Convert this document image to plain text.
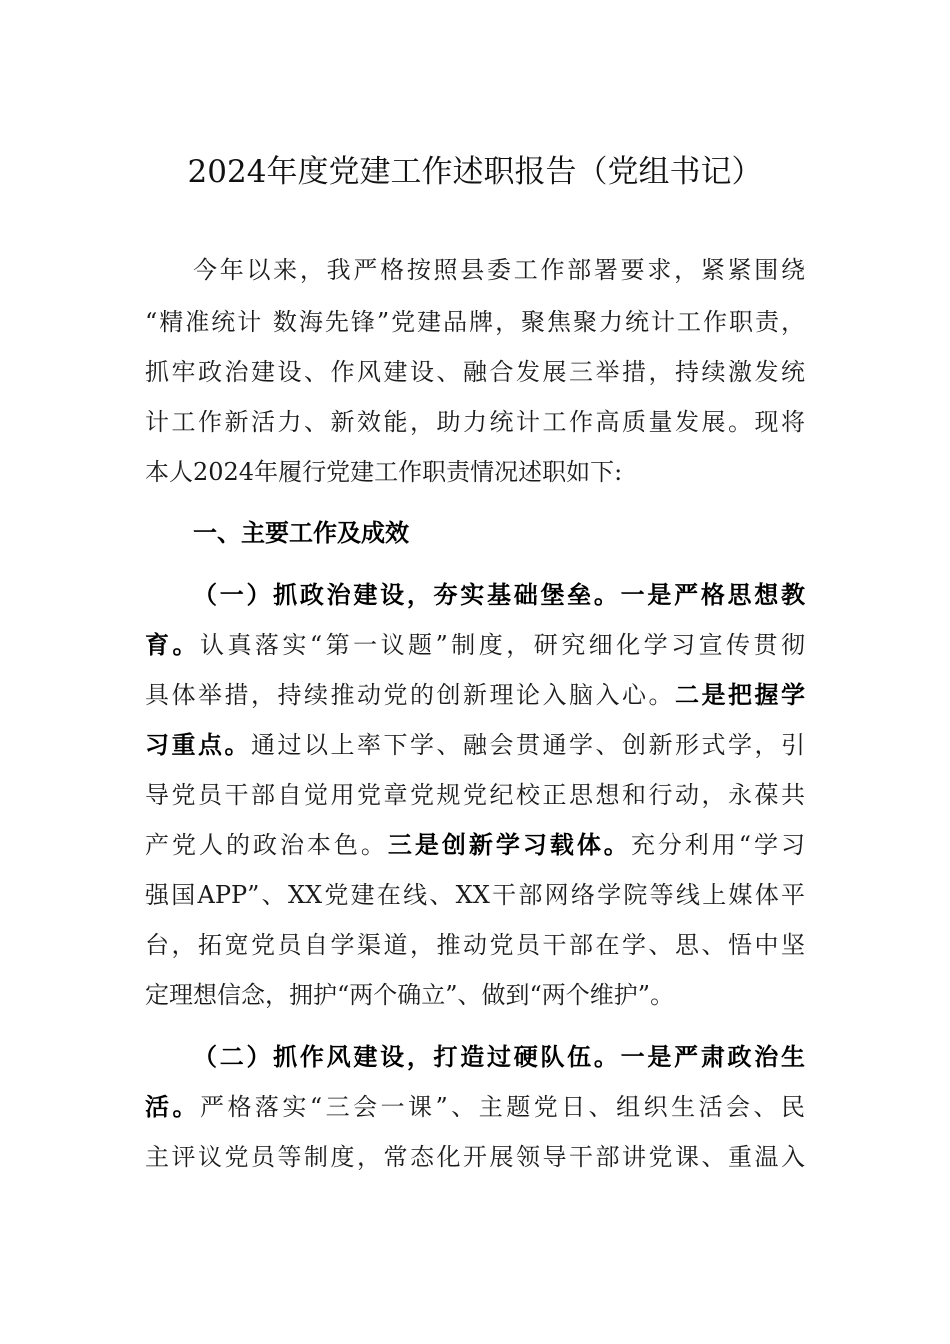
2024年度党建工作述职报告（党组书记）
今年以来，我严格按照县委工作部署要求，紧紧围绕
“精准统计 数海先锋”党建品牌，聚焦聚力统计工作职责，
抓牢政治建设、作风建设、融合发展三举措，持续激发统
计工作新活力、新效能，助力统计工作高质量发展。现将
本人2024年履行党建工作职责情况述职如下:
一、主要工作及成效
（一）抓政治建设，夯实基础堡垒。一是严格思想教
育。认真落实“第一议题”制度，研究细化学习宣传贯彻
具体举措，持续推动党的创新理论入脑入心。二是把握学
习重点。通过以上率下学、融会贯通学、创新形式学，引
导党员干部自觉用党章党规党纪校正思想和行动，永葆共
产党人的政治本色。三是创新学习载体。充分利用“学习
强国APP”、XX党建在线、XX干部网络学院等线上媒体平
台，拓宽党员自学渠道，推动党员干部在学、思、悟中坚
定理想信念，拥护“两个确立”、做到“两个维护”。
（二）抓作风建设，打造过硬队伍。一是严肃政治生
活。严格落实“三会一课”、主题党日、组织生活会、民
主评议党员等制度，常态化开展领导干部讲党课、重温入
